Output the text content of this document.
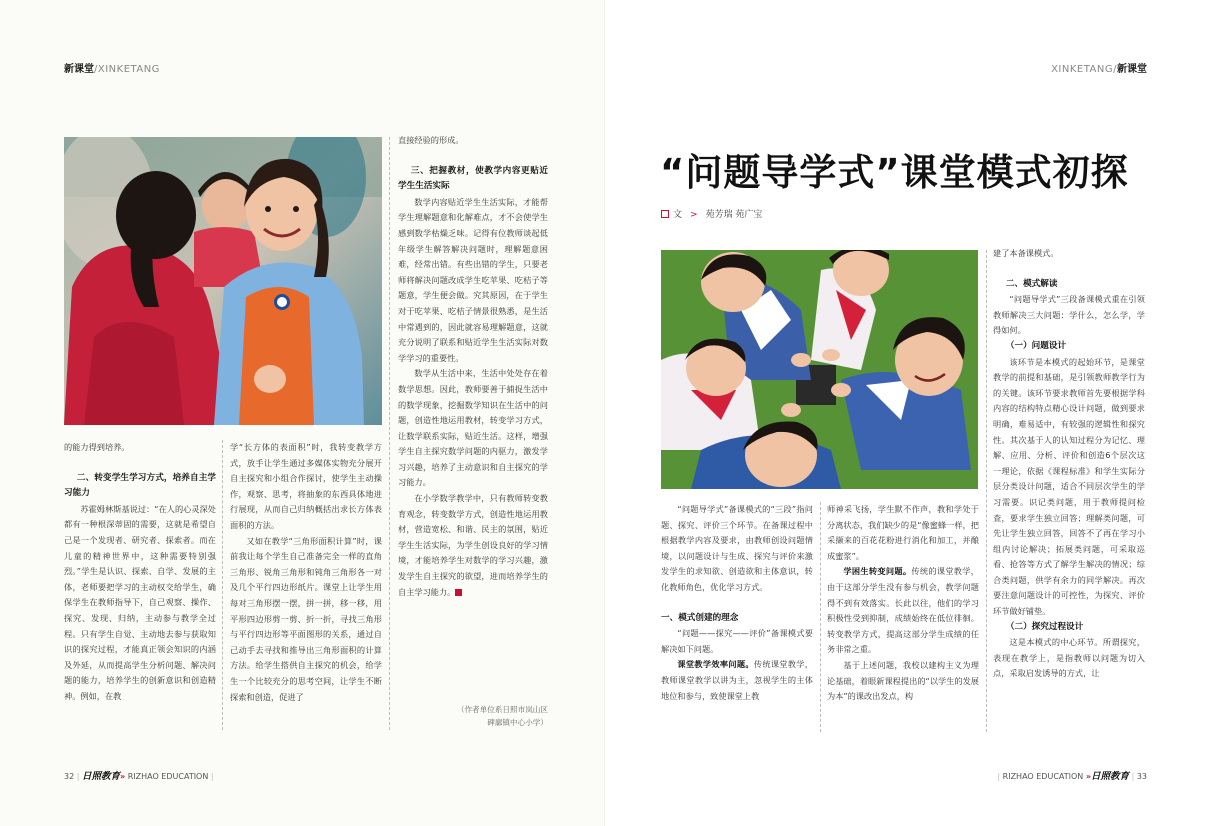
新课堂/XINKETANG

的能力得到培养。

二、转变学生学习方式，培养自主学习能力

苏霍姆林斯基说过：“在人的心灵深处都有一种根深蒂固的需要，这就是希望自己是一个发现者、研究者、探索者。而在儿童的精神世界中，这种需要特别强烈。”学生是认识、探索、自学、发展的主体，老师要把学习的主动权交给学生，确保学生在教师指导下，自己观察、操作、探究、发现、归纳，主动参与教学全过程。只有学生自觉、主动地去参与获取知识的探究过程，才能真正领会知识的内涵及外延，从而提高学生分析问题、解决问题的能力，培养学生的创新意识和创造精神。例如，在教

学“长方体的表面积”时，我转变教学方式，放手让学生通过多媒体实物充分展开自主探究和小组合作探讨，使学生主动操作，观察、思考，将抽象的东西具体地进行展现，从而自己归纳概括出求长方体表面积的方法。

又如在教学“三角形面积计算”时，课前我让每个学生自己准备完全一样的直角三角形、锐角三角形和钝角三角形各一对及几个平行四边形纸片。课堂上让学生用每对三角形摆一摆，拼一拼，移一移，用平形四边形剪一剪、折一折，寻找三角形与平行四边形等平面图形的关系，通过自己动手去寻找和推导出三角形面积的计算方法。给学生搭供自主探究的机会，给学生一个比较充分的思考空间，让学生不断探索和创造，促进了

直接经验的形成。

三、把握教材，使教学内容更贴近学生生活实际

数学内容贴近学生生活实际，才能帮学生理解题意和化解难点，才不会使学生感到数学枯燥乏味。记得有位教师谈起低年级学生解答解决问题时，理解题意困难，经常出错。有些出错的学生，只要老师将解决问题改成学生吃苹果、吃桔子等题意，学生便会做。究其原因，在于学生对于吃苹果、吃桔子情景很熟悉，是生活中常遇到的，因此就容易理解题意，这就充分说明了联系和贴近学生生活实际对数学学习的重要性。

数学从生活中来，生活中处处存在着数学思想。因此，教师要善于捕捉生活中的数学现象，挖掘数学知识在生活中的问题，创造性地运用教材，转变学习方式，让数学联系实际，贴近生活。这样，增强学生自主探究数学问题的内驱力，激发学习兴趣，培养了主动意识和自主探究的学习能力。

在小学数学教学中，只有教师转变教育观念，转变数学方式，创造性地运用教材，营造宽松、和谐、民主的氛围，贴近学生生活实际，为学生创设良好的学习情境，才能培养学生对数学的学习兴趣，激发学生自主探究的欲望，进而培养学生的自主学习能力。

（作者单位系日照市岚山区
碑廓镇中心小学）
32 | 日照教育» RIZHAO EDUCATION |
XINKETANG/新课堂
“问题导学式”课堂模式初探
文 > 苑芳瑞 苑广宝

“问题导学式”备课模式的“三段”指问题、探究、评价三个环节。在备课过程中根据教学内容及要求，由教师创设问题情境，以问题设计与生成、探究与评价来激发学生的求知欲、创造欲和主体意识，转化教师角色，优化学习方式。

一、模式创建的理念

“问题——探究——评价”备课模式要解决如下问题。

课堂教学效率问题。传统课堂教学，教师课堂教学以讲为主，忽视学生的主体地位和参与，致使课堂上教

师神采飞扬，学生默不作声，教和学处于分离状态，我们缺少的是“像蜜蜂一样，把采撷来的百花花粉进行消化和加工，并酿成蜜浆”。

学困生转变问题。传统的课堂教学，由于这部分学生没有参与机会，教学问题得不到有效落实。长此以往，他们的学习积极性受到抑制，成绩始终在低位徘徊。转变教学方式，提高这部分学生成绩的任务非常之重。

基于上述问题，我校以建构主义为理论基础，着眼新课程提出的“以学生的发展为本”的课改出发点，构

建了本备课模式。

二、模式解读

“问题导学式”三段备课模式重在引领教师解决三大问题：学什么，怎么学，学得如何。

（一）问题设计

该环节是本模式的起始环节，是课堂教学的前提和基础，是引领教师教学行为的关键。该环节要求教师首先要根据学科内容的结构特点精心设计问题，做到要求明确，难易适中，有较强的逻辑性和探究性。其次基于人的认知过程分为记忆、理解、应用、分析、评价和创造6个层次这一理论，依据《课程标准》和学生实际分层分类设计问题，适合不同层次学生的学习需要。识记类问题，用于教师提问检查，要求学生独立回答；理解类问题，可先让学生独立回答，回答不了再在学习小组内讨论解决；拓展类问题，可采取巡看、抢答等方式了解学生解决的情况；综合类问题，供学有余力的同学解决。再次要注意问题设计的可控性，为探究、评价环节做好铺垫。

（二）探究过程设计

这是本模式的中心环节。所谓探究，表现在教学上，是指教师以问题为切入点，采取启发诱导的方式，让

| RIZHAO EDUCATION »日照教育 | 33
